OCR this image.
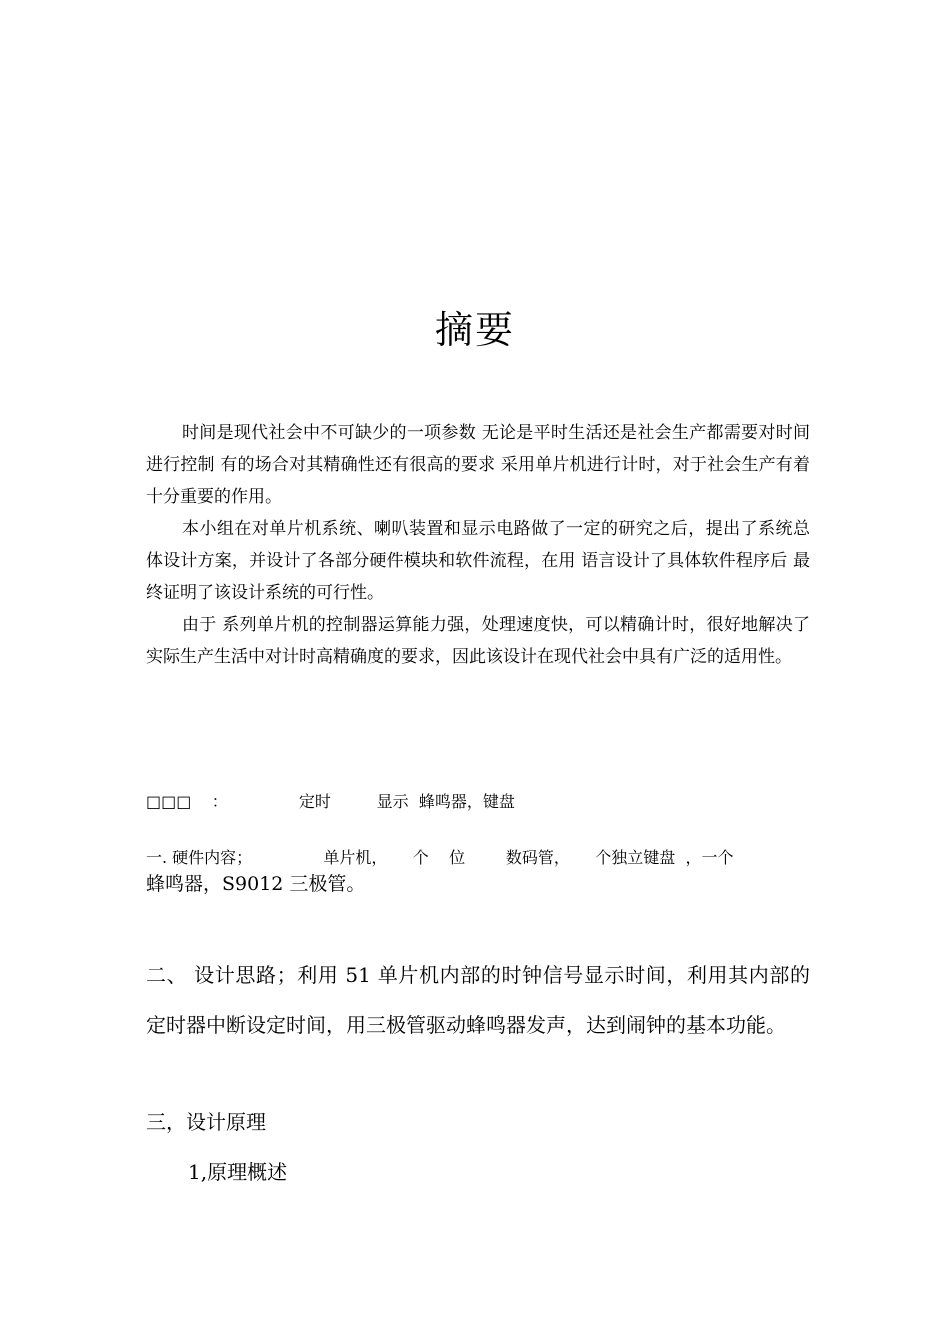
摘要

时间是现代社会中不可缺少的一项参数 无论是平时生活还是社会生产都需要对时间进行控制 有的场合对其精确性还有很高的要求 采用单片机进行计时，对于社会生产有着十分重要的作用。

本小组在对单片机系统、喇叭装置和显示电路做了一定的研究之后，提出了系统总体设计方案，并设计了各部分硬件模块和软件流程，在用 语言设计了具体软件程序后 最终证明了该设计系统的可行性。

由于 系列单片机的控制器运算能力强，处理速度快，可以精确计时，很好地解决了实际生产生活中对计时高精确度的要求，因此该设计在现代社会中具有广泛的适用性。

□□□    ：              定时         显示  蜂鸣器，键盘
一. 硬件内容；              单片机，     个    位        数码管，     个独立键盘  ，一个
蜂鸣器，S9012 三极管。
二、 设计思路；利用 51 单片机内部的时钟信号显示时间，利用其内部的定时器中断设定时间，用三极管驱动蜂鸣器发声，达到闹钟的基本功能。
三，设计原理
1,原理概述
